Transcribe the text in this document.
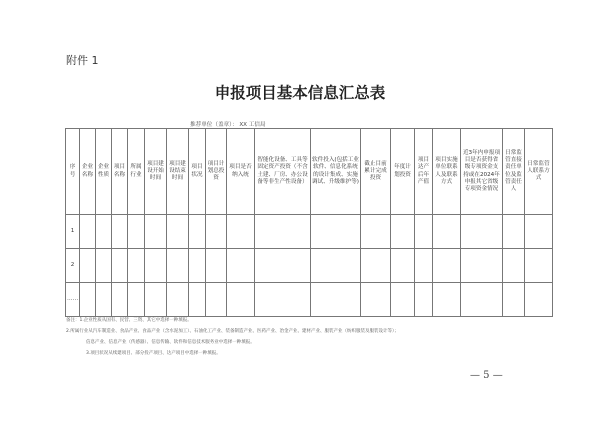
附件 1
申报项目基本信息汇总表
推荐单位（盖章）： XX 工信局
序号	企业名称	企业性质	项目名称	所属行业	项目建设开始时间	项目建设结束时间	项目状况	项目计划总投资	项目是否纳入统	智能化设备、工具等固定资产投资（不含土建、厂房、办公设备等非生产性设备）	软件投入(包括工业软件、信息化系统的设计集成、实施调试、升级维护等)	截止目前累计完成投资	年度计划投资	项目达产后年产值	项目实施单位联系人及联系方式	近3年内申报项目是否获得省级专项资金支持或在2024年申报其它省级专项资金情况	日常监管直接责任单位及监管责任人	日常监管人联系方式
1																		
2																		
……																		

备注：1.企业性质从国有、民营、三资、其它中选择一种填报。

2.所属行业从汽车制造业、食品产业、食品产业（含水泥加工）、石油化工产业、装备制造产业、医药产业、冶金产业、建材产业、服装产业（纺织服装及服装设计等）；

信息产业、信息产业（传感器）、信息传输、软件和信息技术服务业中选择一种填报。

3.项目状况从续建项目、部分投产项目、达产项目中选择一种填报。

— 5 —
